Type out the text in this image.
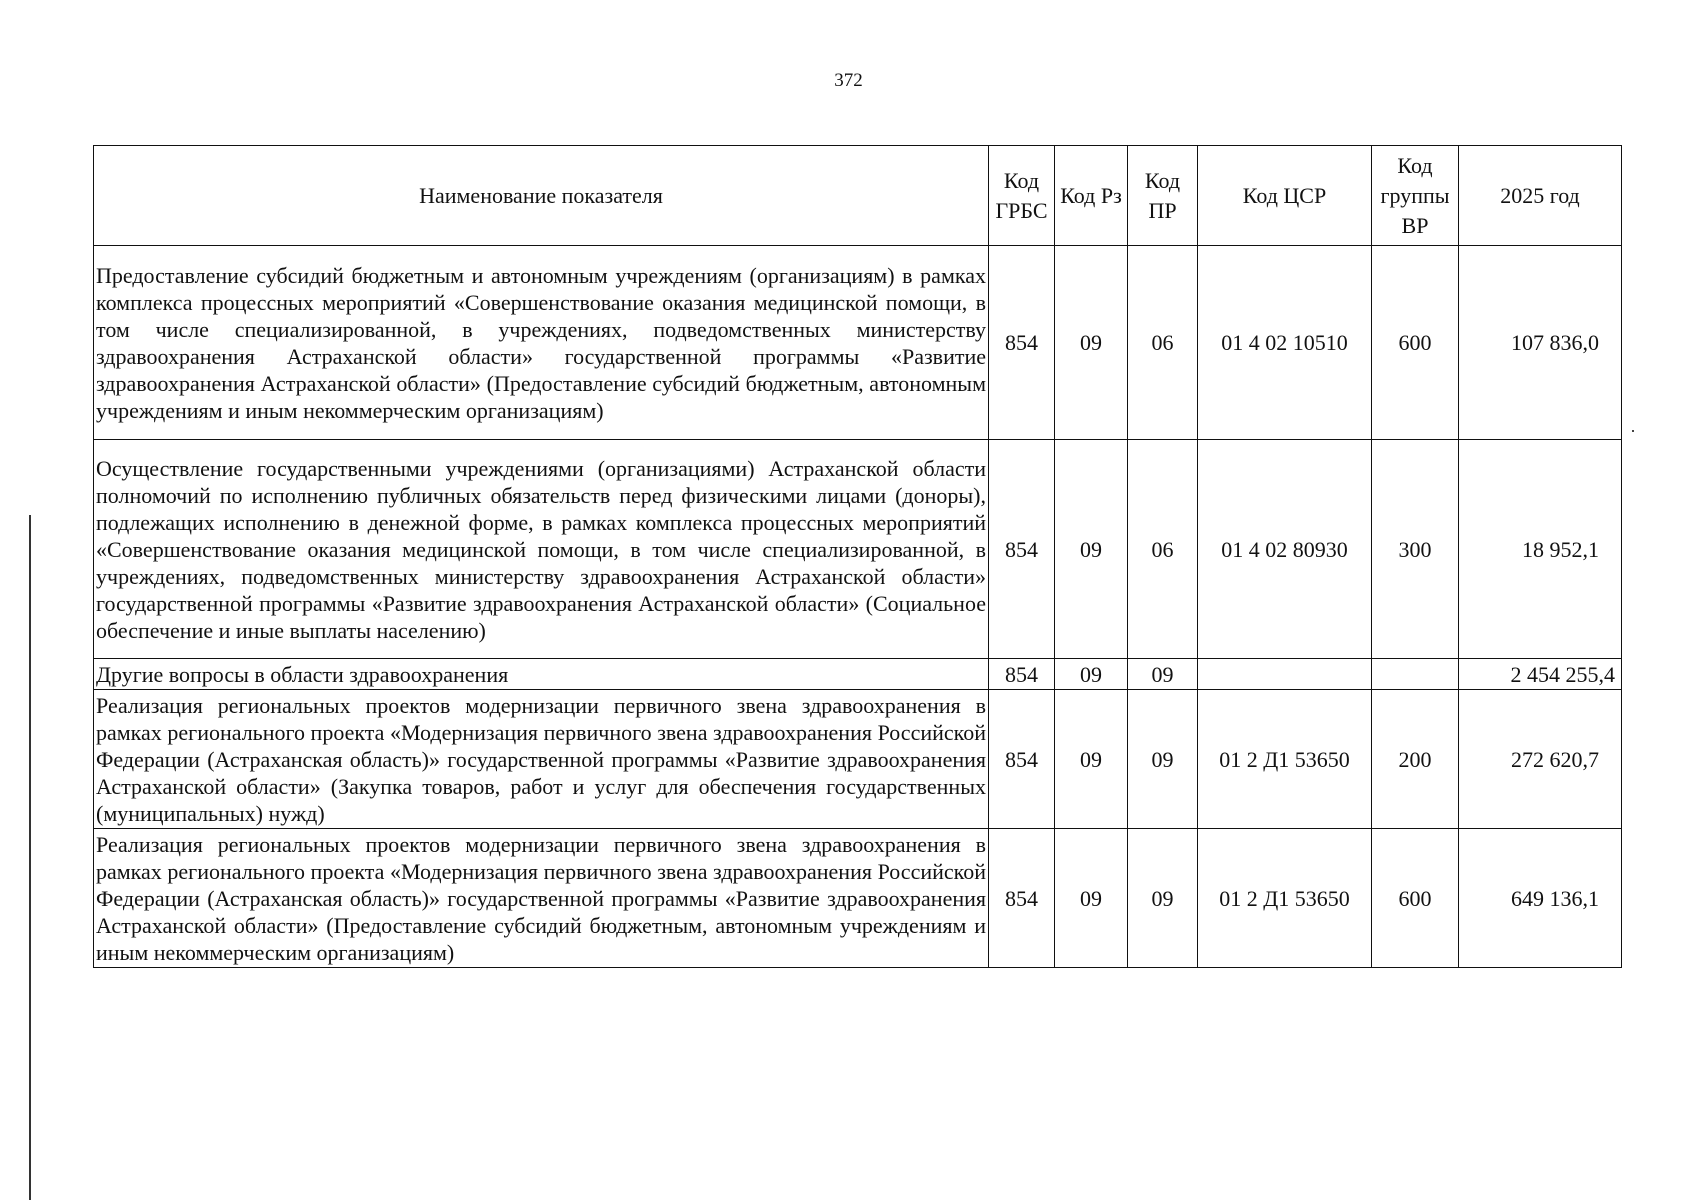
372
Наименование показателя	Код ГРБС	Код Рз	Код ПР	Код ЦСР	Код группы ВР	2025 год
Предоставление субсидий бюджетным и автономным учреждениям (организациям) в рамках комплекса процессных мероприятий «Совершенствование оказания медицинской помощи, в том числе специализированной, в учреждениях, подведомственных министерству здравоохранения Астраханской области» государственной программы «Развитие здравоохранения Астраханской области» (Предоставление субсидий бюджетным, автономным учреждениям и иным некоммерческим организациям)	854	09	06	01 4 02 10510	600	107 836,0
Осуществление государственными учреждениями (организациями) Астраханской области полномочий по исполнению публичных обязательств перед физическими лицами (доноры), подлежащих исполнению в денежной форме, в рамках комплекса процессных мероприятий «Совершенствование оказания медицинской помощи, в том числе специализированной, в учреждениях, подведомственных министерству здравоохранения Астраханской области» государственной программы «Развитие здравоохранения Астраханской области» (Социальное обеспечение и иные выплаты населению)	854	09	06	01 4 02 80930	300	18 952,1
Другие вопросы в области здравоохранения	854	09	09			2 454 255,4
Реализация региональных проектов модернизации первичного звена здравоохранения в рамках регионального проекта «Модернизация первичного звена здравоохранения Российской Федерации (Астраханская область)» государственной программы «Развитие здравоохранения Астраханской области» (Закупка товаров, работ и услуг для обеспечения государственных (муниципальных) нужд)	854	09	09	01 2 Д1 53650	200	272 620,7
Реализация региональных проектов модернизации первичного звена здравоохранения в рамках регионального проекта «Модернизация первичного звена здравоохранения Российской Федерации (Астраханская область)» государственной программы «Развитие здравоохранения Астраханской области» (Предоставление субсидий бюджетным, автономным учреждениям и иным некоммерческим организациям)	854	09	09	01 2 Д1 53650	600	649 136,1
